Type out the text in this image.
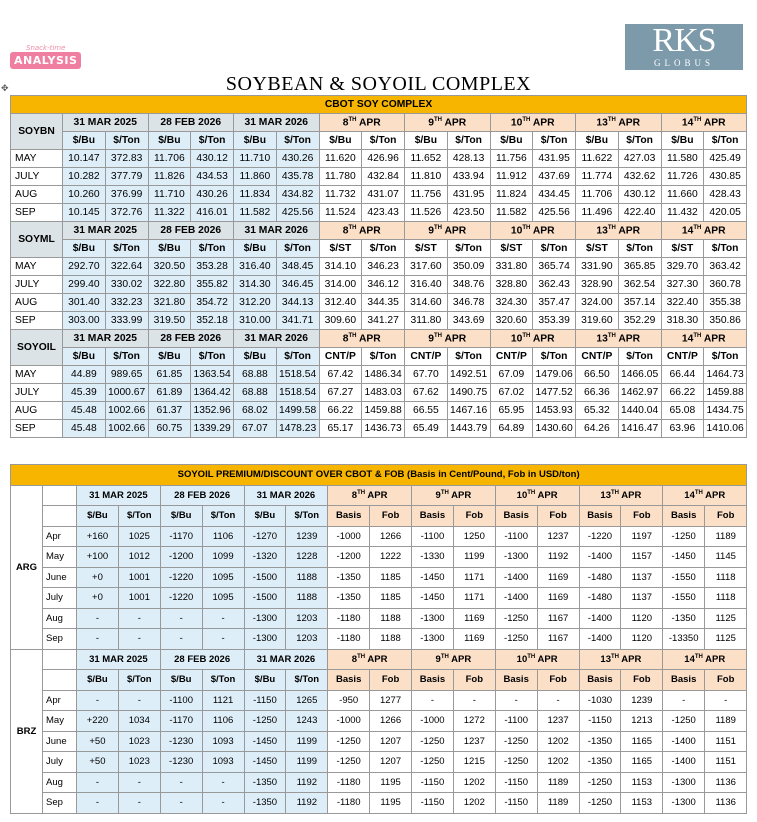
Snack-time
ANALYSIS
RKS
GLOBUS
✥	SOYBEAN & SOYOIL COMPLEX
CBOT SOY COMPLEX																
SOYBN	31 MAR 2025		28 FEB 2026		31 MAR 2026		8TH APR		9TH APR		10TH APR		13TH APR		14TH APR	
	$/Bu	$/Ton	$/Bu	$/Ton	$/Bu	$/Ton	$/Bu	$/Ton	$/Bu	$/Ton	$/Bu	$/Ton	$/Bu	$/Ton	$/Bu	$/Ton
MAY	10.147	372.83	11.706	430.12	11.710	430.26	11.620	426.96	11.652	428.13	11.756	431.95	11.622	427.03	11.580	425.49
JULY	10.282	377.79	11.826	434.53	11.860	435.78	11.780	432.84	11.810	433.94	11.912	437.69	11.774	432.62	11.726	430.85
AUG	10.260	376.99	11.710	430.26	11.834	434.82	11.732	431.07	11.756	431.95	11.824	434.45	11.706	430.12	11.660	428.43
SEP	10.145	372.76	11.322	416.01	11.582	425.56	11.524	423.43	11.526	423.50	11.582	425.56	11.496	422.40	11.432	420.05
SOYML	31 MAR 2025		28 FEB 2026		31 MAR 2026		8TH APR		9TH APR		10TH APR		13TH APR		14TH APR	
	$/Bu	$/Ton	$/Bu	$/Ton	$/Bu	$/Ton	$/ST	$/Ton	$/ST	$/Ton	$/ST	$/Ton	$/ST	$/Ton	$/ST	$/Ton
MAY	292.70	322.64	320.50	353.28	316.40	348.45	314.10	346.23	317.60	350.09	331.80	365.74	331.90	365.85	329.70	363.42
JULY	299.40	330.02	322.80	355.82	314.30	346.45	314.00	346.12	316.40	348.76	328.80	362.43	328.90	362.54	327.30	360.78
AUG	301.40	332.23	321.80	354.72	312.20	344.13	312.40	344.35	314.60	346.78	324.30	357.47	324.00	357.14	322.40	355.38
SEP	303.00	333.99	319.50	352.18	310.00	341.71	309.60	341.27	311.80	343.69	320.60	353.39	319.60	352.29	318.30	350.86
SOYOIL	31 MAR 2025		28 FEB 2026		31 MAR 2026		8TH APR		9TH APR		10TH APR		13TH APR		14TH APR	
	$/Bu	$/Ton	$/Bu	$/Ton	$/Bu	$/Ton	CNT/P	$/Ton	CNT/P	$/Ton	CNT/P	$/Ton	CNT/P	$/Ton	CNT/P	$/Ton
MAY	44.89	989.65	61.85	1363.54	68.88	1518.54	67.42	1486.34	67.70	1492.51	67.09	1479.06	66.50	1466.05	66.44	1464.73
JULY	45.39	1000.67	61.89	1364.42	68.88	1518.54	67.27	1483.03	67.62	1490.75	67.02	1477.52	66.36	1462.97	66.22	1459.88
AUG	45.48	1002.66	61.37	1352.96	68.02	1499.58	66.22	1459.88	66.55	1467.16	65.95	1453.93	65.32	1440.04	65.08	1434.75
SEP	45.48	1002.66	60.75	1339.29	67.07	1478.23	65.17	1436.73	65.49	1443.79	64.89	1430.60	64.26	1416.47	63.96	1410.06
SOYOIL PREMIUM/DISCOUNT OVER CBOT & FOB (Basis in Cent/Pound, Fob in USD/ton)																	
ARG		31 MAR 2025		28 FEB 2026		31 MAR 2026		8TH APR		9TH APR		10TH APR		13TH APR		14TH APR	
		$/Bu	$/Ton	$/Bu	$/Ton	$/Bu	$/Ton	Basis	Fob	Basis	Fob	Basis	Fob	Basis	Fob	Basis	Fob
	Apr	+160	1025	-1170	1106	-1270	1239	-1000	1266	-1100	1250	-1100	1237	-1220	1197	-1250	1189
	May	+100	1012	-1200	1099	-1320	1228	-1200	1222	-1330	1199	-1300	1192	-1400	1157	-1450	1145
	June	+0	1001	-1220	1095	-1500	1188	-1350	1185	-1450	1171	-1400	1169	-1480	1137	-1550	1118
	July	+0	1001	-1220	1095	-1500	1188	-1350	1185	-1450	1171	-1400	1169	-1480	1137	-1550	1118
	Aug	-	-	-	-	-1300	1203	-1180	1188	-1300	1169	-1250	1167	-1400	1120	-1350	1125
	Sep	-	-	-	-	-1300	1203	-1180	1188	-1300	1169	-1250	1167	-1400	1120	-13350	1125
BRZ		31 MAR 2025		28 FEB 2026		31 MAR 2026		8TH APR		9TH APR		10TH APR		13TH APR		14TH APR	
		$/Bu	$/Ton	$/Bu	$/Ton	$/Bu	$/Ton	Basis	Fob	Basis	Fob	Basis	Fob	Basis	Fob	Basis	Fob
	Apr	-	-	-1100	1121	-1150	1265	-950	1277	-	-	-	-	-1030	1239	-	-
	May	+220	1034	-1170	1106	-1250	1243	-1000	1266	-1000	1272	-1100	1237	-1150	1213	-1250	1189
	June	+50	1023	-1230	1093	-1450	1199	-1250	1207	-1250	1237	-1250	1202	-1350	1165	-1400	1151
	July	+50	1023	-1230	1093	-1450	1199	-1250	1207	-1250	1215	-1250	1202	-1350	1165	-1400	1151
	Aug	-	-	-	-	-1350	1192	-1180	1195	-1150	1202	-1150	1189	-1250	1153	-1300	1136
	Sep	-	-	-	-	-1350	1192	-1180	1195	-1150	1202	-1150	1189	-1250	1153	-1300	1136
